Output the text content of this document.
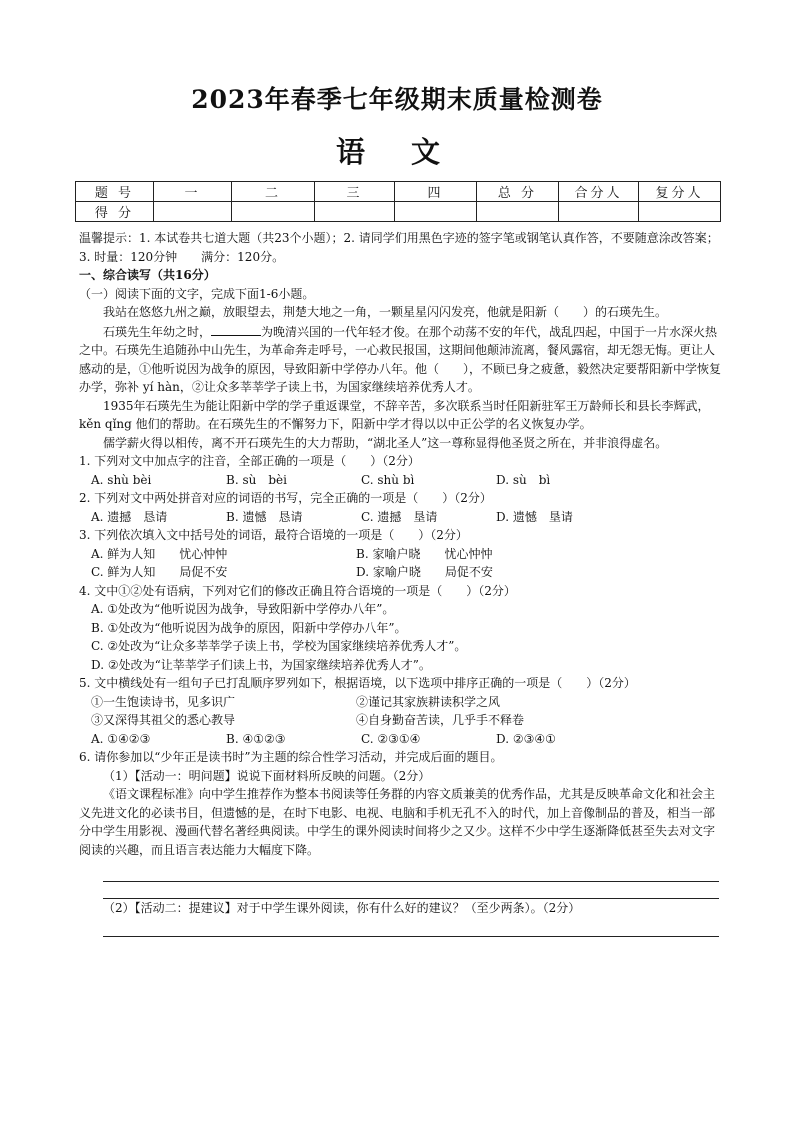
2023年春季七年级期末质量检测卷
语 文
题 号	一	二	三	四	总 分	合分人	复分人
得 分							

温馨提示：1. 本试卷共七道大题（共23个小题）；2. 请同学们用黑色字迹的签字笔或钢笔认真作答，不要随意涂改答案；3. 时量：120分钟　　满分：120分。

一、综合读写（共16分）

（一）阅读下面的文字，完成下面1-6小题。

我站在悠悠九州之巅，放眼望去，荆楚大地之一角，一颗星星闪闪发亮，他就是阳新（　　）的石瑛先生。

石瑛先生年幼之时，	为晚清兴国的一代年轻才俊。在那个动荡不安的年代，战乱四起，中国于一片水深火热之中。石瑛先生追随孙中山先生，为革命奔走呼号，一心救民报国，这期间他颠沛流离，餐风露宿，却无怨无悔。更让人感动的是，①他听说因为战争的原因，导致阳新中学停办八年。他（　　），不顾已身之疲惫，毅然决定要帮阳新中学恢复办学，弥补 yí hàn，②让众多莘莘学子读上书，为国家继续培养优秀人才。

1935年石瑛先生为能让阳新中学的学子重返课堂，不辞辛苦，多次联系当时任阳新驻军王万龄师长和县长李辉武，kěn qǐng 他们的帮助。在石瑛先生的不懈努力下，阳新中学才得以以中正公学的名义恢复办学。

儒学薪火得以相传，离不开石瑛先生的大力帮助，“湖北圣人”这一尊称显得他圣贤之所在，并非浪得虚名。

1. 下列对文中加点字的注音，全部正确的一项是（　　）（2分）

A. shù bèi	B. sù　bèi	C. shù bì	D. sù　bì

2. 下列对文中两处拼音对应的词语的书写，完全正确的一项是（　　）（2分）

A. 遗撼　恳请	B. 遗憾　恳请	C. 遗撼　垦请	D. 遗憾　垦请

3. 下列依次填入文中括号处的词语，最符合语境的一项是（　　）（2分）

A. 鲜为人知　　忧心忡忡	B. 家喻户晓　　忧心忡忡
C. 鲜为人知　　局促不安	D. 家喻户晓　　局促不安

4. 文中①②处有语病，下列对它们的修改正确且符合语境的一项是（　　）（2分）

A. ①处改为“他听说因为战争，导致阳新中学停办八年”。

B. ①处改为“他听说因为战争的原因，阳新中学停办八年”。

C. ②处改为“让众多莘莘学子读上书，学校为国家继续培养优秀人才”。

D. ②处改为“让莘莘学子们读上书，为国家继续培养优秀人才”。

5. 文中横线处有一组句子已打乱顺序罗列如下，根据语境，以下选项中排序正确的一项是（　　）（2分）

①一生饱读诗书，见多识广	②谨记其家族耕读积学之风
③又深得其祖父的悉心教导	④自身勤奋苦读，几乎手不释卷
A. ①④②③	B. ④①②③	C. ②③①④	D. ②③④①

6. 请你参加以“少年正是读书时”为主题的综合性学习活动，并完成后面的题目。

（1）【活动一：明问题】说说下面材料所反映的问题。（2分）

《语文课程标准》向中学生推荐作为整本书阅读等任务群的内容文质兼美的优秀作品，尤其是反映革命文化和社会主义先进文化的必读书目，但遗憾的是，在时下电影、电视、电脑和手机无孔不入的时代，加上音像制品的普及，相当一部分中学生用影视、漫画代替名著经典阅读。中学生的课外阅读时间将少之又少。这样不少中学生逐渐降低甚至失去对文字阅读的兴趣，而且语言表达能力大幅度下降。

（2）【活动二：提建议】对于中学生课外阅读，你有什么好的建议？（至少两条）。（2分）
